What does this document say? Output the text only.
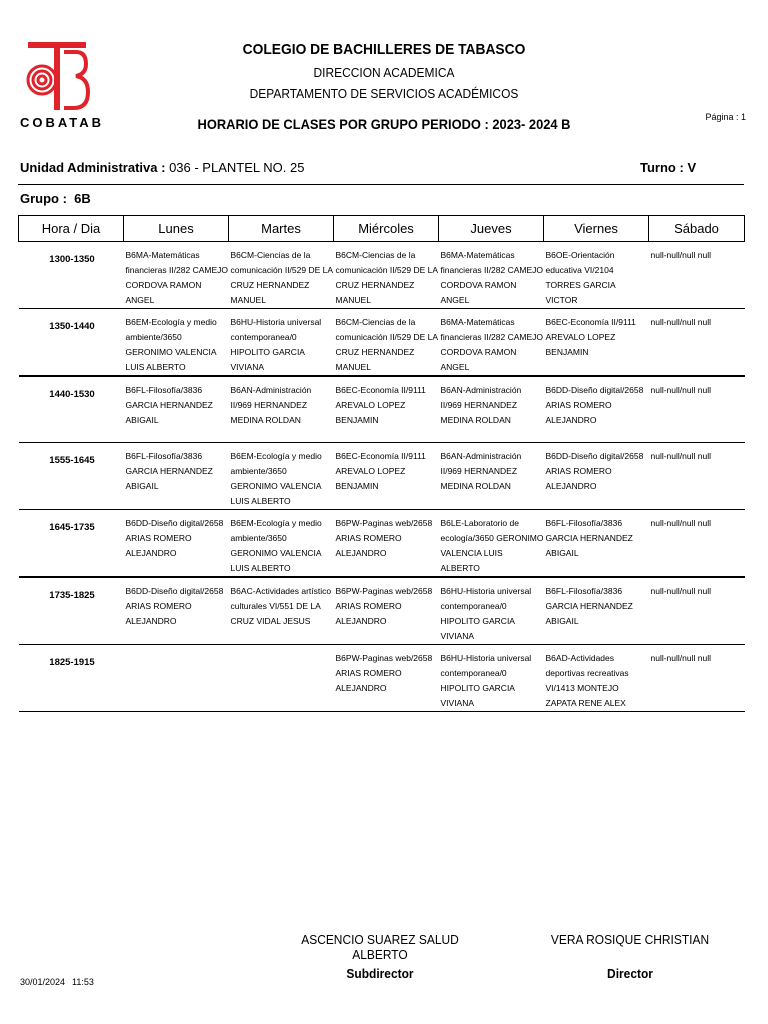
COBATAB
COLEGIO DE BACHILLERES DE TABASCO
DIRECCION ACADEMICA
DEPARTAMENTO DE SERVICIOS ACADÉMICOS
HORARIO DE CLASES POR GRUPO PERIODO : 2023- 2024 B	Página : 1
Unidad Administrativa : 036 - PLANTEL NO. 25	Turno : V
Grupo : 6B
Hora / Dia	Lunes	Martes	Miércoles	Jueves	Viernes	Sábado
1300-1350	B6MA-Matemáticas financieras II/282 CAMEJO CORDOVA RAMON ANGEL	B6CM-Ciencias de la comunicación II/529 DE LA CRUZ HERNANDEZ MANUEL	B6CM-Ciencias de la comunicación II/529 DE LA CRUZ HERNANDEZ MANUEL	B6MA-Matemáticas financieras II/282 CAMEJO CORDOVA RAMON ANGEL	B6OE-Orientación educativa VI/2104 TORRES GARCIA VICTOR	null-null/null null
1350-1440	B6EM-Ecología y medio ambiente/3650 GERONIMO VALENCIA LUIS ALBERTO	B6HU-Historia universal contemporanea/0 HIPOLITO GARCIA VIVIANA	B6CM-Ciencias de la comunicación II/529 DE LA CRUZ HERNANDEZ MANUEL	B6MA-Matemáticas financieras II/282 CAMEJO CORDOVA RAMON ANGEL	B6EC-Economía II/9111 AREVALO LOPEZ BENJAMIN	null-null/null null
1440-1530	B6FL-Filosofía/3836 GARCIA HERNANDEZ ABIGAIL	B6AN-Administración II/969 HERNANDEZ MEDINA ROLDAN	B6EC-Economía II/9111 AREVALO LOPEZ BENJAMIN	B6AN-Administración II/969 HERNANDEZ MEDINA ROLDAN	B6DD-Diseño digital/2658 ARIAS ROMERO ALEJANDRO	null-null/null null
1555-1645	B6FL-Filosofía/3836 GARCIA HERNANDEZ ABIGAIL	B6EM-Ecología y medio ambiente/3650 GERONIMO VALENCIA LUIS ALBERTO	B6EC-Economía II/9111 AREVALO LOPEZ BENJAMIN	B6AN-Administración II/969 HERNANDEZ MEDINA ROLDAN	B6DD-Diseño digital/2658 ARIAS ROMERO ALEJANDRO	null-null/null null
1645-1735	B6DD-Diseño digital/2658 ARIAS ROMERO ALEJANDRO	B6EM-Ecología y medio ambiente/3650 GERONIMO VALENCIA LUIS ALBERTO	B6PW-Paginas web/2658 ARIAS ROMERO ALEJANDRO	B6LE-Laboratorio de ecología/3650 GERONIMO VALENCIA LUIS ALBERTO	B6FL-Filosofía/3836 GARCIA HERNANDEZ ABIGAIL	null-null/null null
1735-1825	B6DD-Diseño digital/2658 ARIAS ROMERO ALEJANDRO	B6AC-Actividades artístico culturales VI/551 DE LA CRUZ VIDAL JESUS	B6PW-Paginas web/2658 ARIAS ROMERO ALEJANDRO	B6HU-Historia universal contemporanea/0 HIPOLITO GARCIA VIVIANA	B6FL-Filosofía/3836 GARCIA HERNANDEZ ABIGAIL	null-null/null null
1825-1915			B6PW-Paginas web/2658 ARIAS ROMERO ALEJANDRO	B6HU-Historia universal contemporanea/0 HIPOLITO GARCIA VIVIANA	B6AD-Actividades deportivas recreativas VI/1413 MONTEJO ZAPATA RENE ALEX	null-null/null null
ASCENCIO SUAREZ SALUD ALBERTO
Subdirector
VERA ROSIQUE CHRISTIAN
Director
30/01/2024 11:53
